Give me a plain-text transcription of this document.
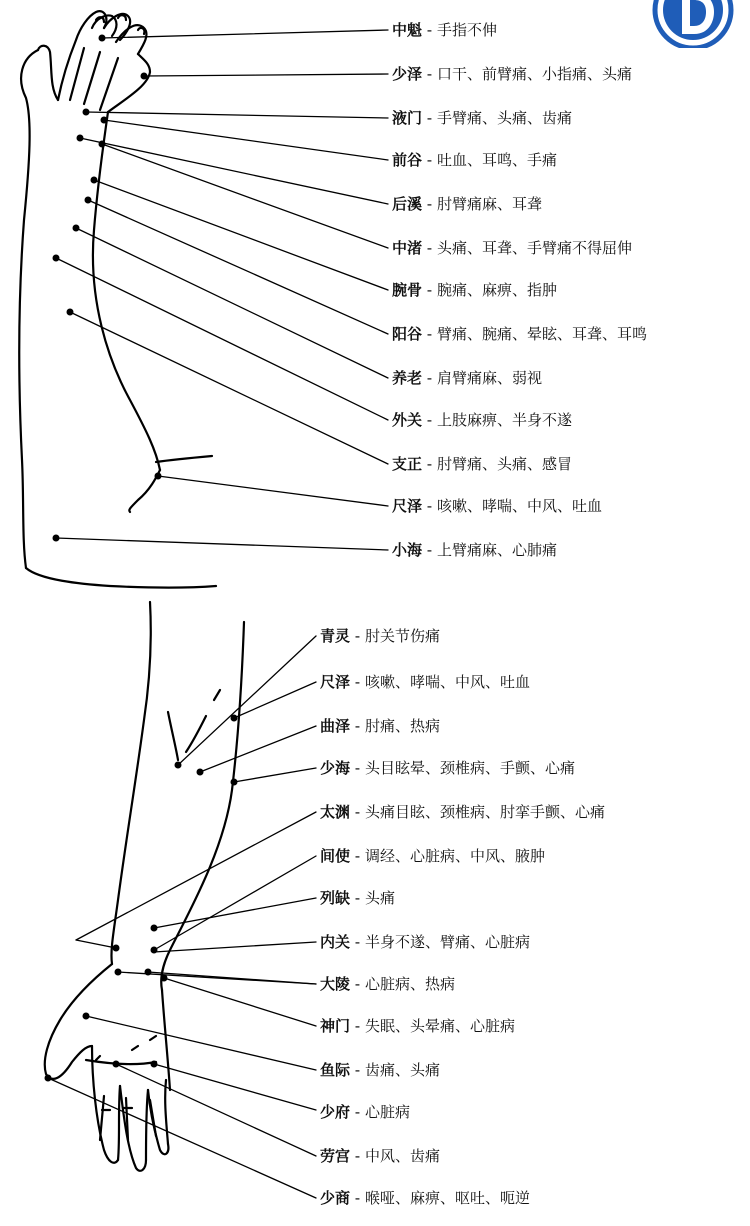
中魁 - 手指不伸
少泽 - 口干、前臂痛、小指痛、头痛
液门 - 手臂痛、头痛、齿痛
前谷 - 吐血、耳鸣、手痛
后溪 - 肘臂痛麻、耳聋
中渚 - 头痛、耳聋、手臂痛不得屈伸
腕骨 - 腕痛、麻痹、指肿
阳谷 - 臂痛、腕痛、晕眩、耳聋、耳鸣
养老 - 肩臂痛麻、弱视
外关 - 上肢麻痹、半身不遂
支正 - 肘臂痛、头痛、感冒
尺泽 - 咳嗽、哮喘、中风、吐血
小海 - 上臂痛麻、心肺痛
青灵 - 肘关节伤痛
尺泽 - 咳嗽、哮喘、中风、吐血
曲泽 - 肘痛、热病
少海 - 头目眩晕、颈椎病、手颤、心痛
太渊 - 头痛目眩、颈椎病、肘挛手颤、心痛
间使 - 调经、心脏病、中风、腋肿
列缺 - 头痛
内关 - 半身不遂、臂痛、心脏病
大陵 - 心脏病、热病
神门 - 失眠、头晕痛、心脏病
鱼际 - 齿痛、头痛
少府 - 心脏病
劳宫 - 中风、齿痛
少商 - 喉哑、麻痹、呕吐、呃逆
